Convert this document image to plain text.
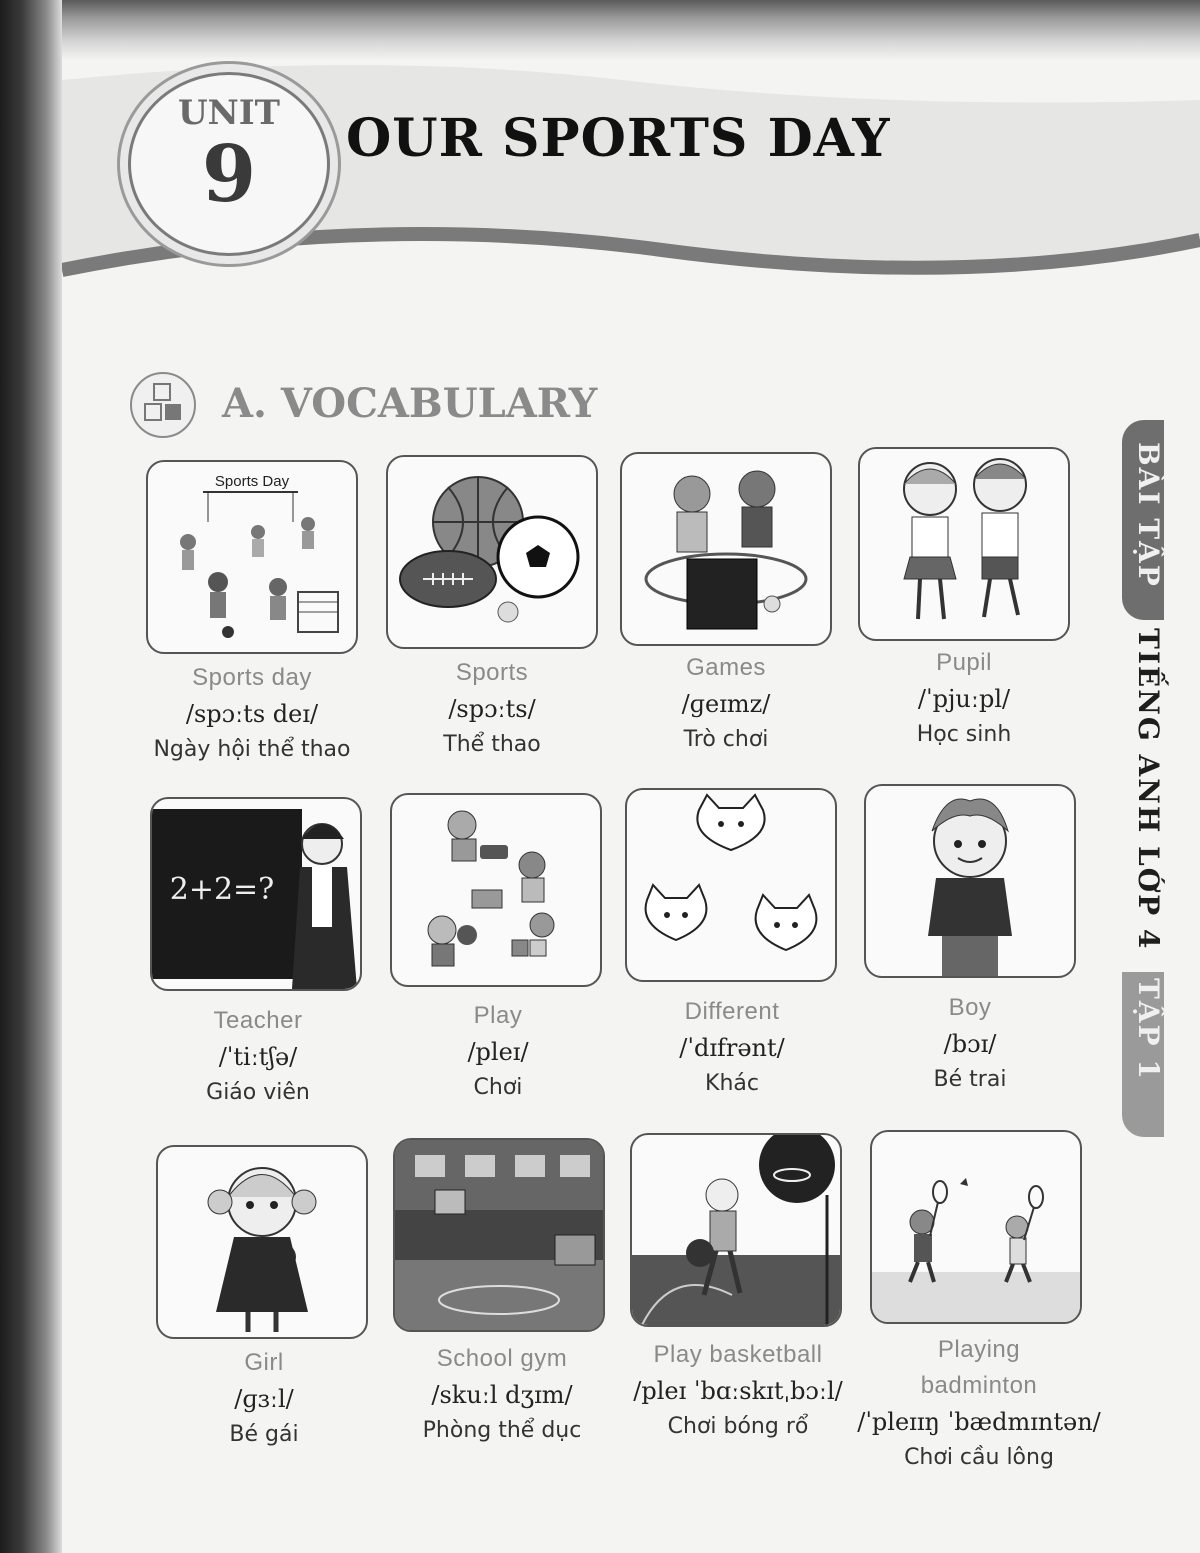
UNIT
9	OUR SPORTS DAY
A. VOCABULARY
Sports Day
Sports day
/spɔːts deɪ/
Ngày hội thể thao
Sports
/spɔːts/
Thể thao
Games
/ɡeɪmz/
Trò chơi
Pupil
/ˈpjuːpl/
Học sinh
2+2=?
Teacher
/ˈtiːtʃə/
Giáo viên
Play
/pleɪ/
Chơi
Different
/ˈdɪfrənt/
Khác
Boy
/bɔɪ/
Bé trai
Girl
/ɡɜːl/
Bé gái
School gym
/skuːl dʒɪm/
Phòng thể dục
Play basketball
/pleɪ ˈbɑːskɪtˌbɔːl/
Chơi bóng rổ
Playing badminton
/ˈpleɪɪŋ ˈbædmɪntən/
Chơi cầu lông
BÀI TẬP
TIẾNG ANH LỚP 4
TẬP 1
